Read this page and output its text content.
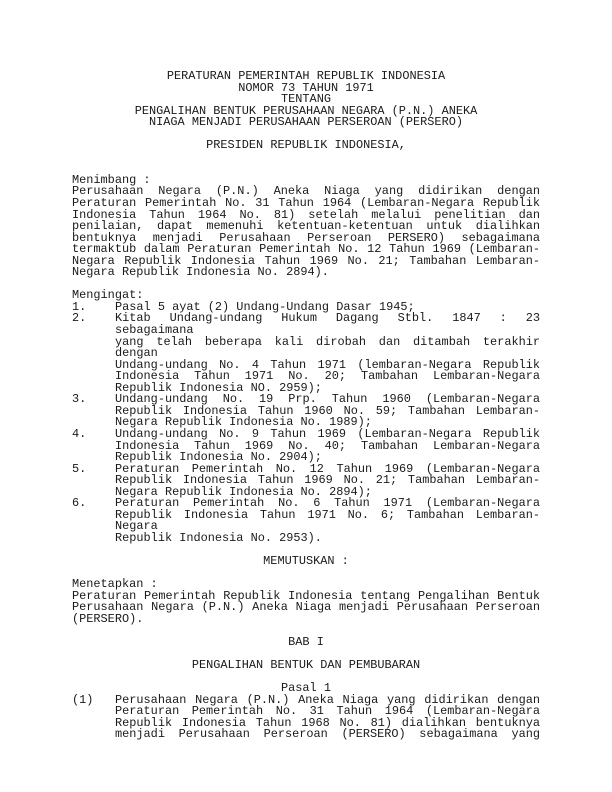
PERATURAN PEMERINTAH REPUBLIK INDONESIA
NOMOR 73 TAHUN 1971
TENTANG
PENGALIHAN BENTUK PERUSAHAAN NEGARA (P.N.) ANEKA
NIAGA MENJADI PERUSAHAAN PERSEROAN (PERSERO)
PRESIDEN REPUBLIK INDONESIA,
Menimbang :
Perusahaan Negara (P.N.) Aneka Niaga yang didirikan dengan
Peraturan Pemerintah No. 31 Tahun 1964 (Lembaran-Negara Republik
Indonesia Tahun 1964 No. 81) setelah melalui penelitian dan
penilaian, dapat memenuhi ketentuan-ketentuan untuk dialihkan
bentuknya menjadi Perusahaan Perseroan PERSERO) sebagaimana
termaktub dalam Peraturan Pemerintah No. 12 Tahun 1969 (Lembaran-
Negara Republik Indonesia Tahun 1969 No. 21; Tambahan Lembaran-
Negara Republik Indonesia No. 2894).
Mengingat:
1.	Pasal 5 ayat (2) Undang-Undang Dasar 1945;
2.	Kitab Undang-undang Hukum Dagang Stbl. 1847 : 23 sebagaimana
yang telah beberapa kali dirobah dan ditambah terakhir dengan
Undang-undang No. 4 Tahun 1971 (lembaran-Negara Republik
Indonesia Tahun 1971 No. 20; Tambahan Lembaran-Negara
Republik Indonesia NO. 2959);
3.	Undang-undang No. 19 Prp. Tahun 1960 (Lembaran-Negara
Republik Indonesia Tahun 1960 No. 59; Tambahan Lembaran-
Negara Republik Indonesia No. 1989);
4.	Undang-undang No. 9 Tahun 1969 (Lembaran-Negara Republik
Indonesia Tahun 1969 No. 40; Tambahan Lembaran-Negara
Republik Indonesia No. 2904);
5.	Peraturan Pemerintah No. 12 Tahun 1969 (Lembaran-Negara
Republik Indonesia Tahun 1969 No. 21; Tambahan Lembaran-
Negara Republik Indonesia No. 2894);
6.	Peraturan Pemerintah No. 6 Tahun 1971 (Lembaran-Negara
Republik Indonesia Tahun 1971 No. 6; Tambahan Lembaran-Negara
Republik Indonesia No. 2953).
MEMUTUSKAN :
Menetapkan :
Peraturan Pemerintah Republik Indonesia tentang Pengalihan Bentuk
Perusahaan Negara (P.N.) Aneka Niaga menjadi Perusahaan Perseroan
(PERSERO).
BAB I
PENGALIHAN BENTUK DAN PEMBUBARAN
Pasal 1
(1)	Perusahaan Negara (P.N.) Aneka Niaga yang didirikan dengan
Peraturan Pemerintah No. 31 Tahun 1964 (Lembaran-Negara
Republik Indonesia Tahun 1968 No. 81) dialihkan bentuknya
menjadi Perusahaan Perseroan (PERSERO) sebagaimana yang
